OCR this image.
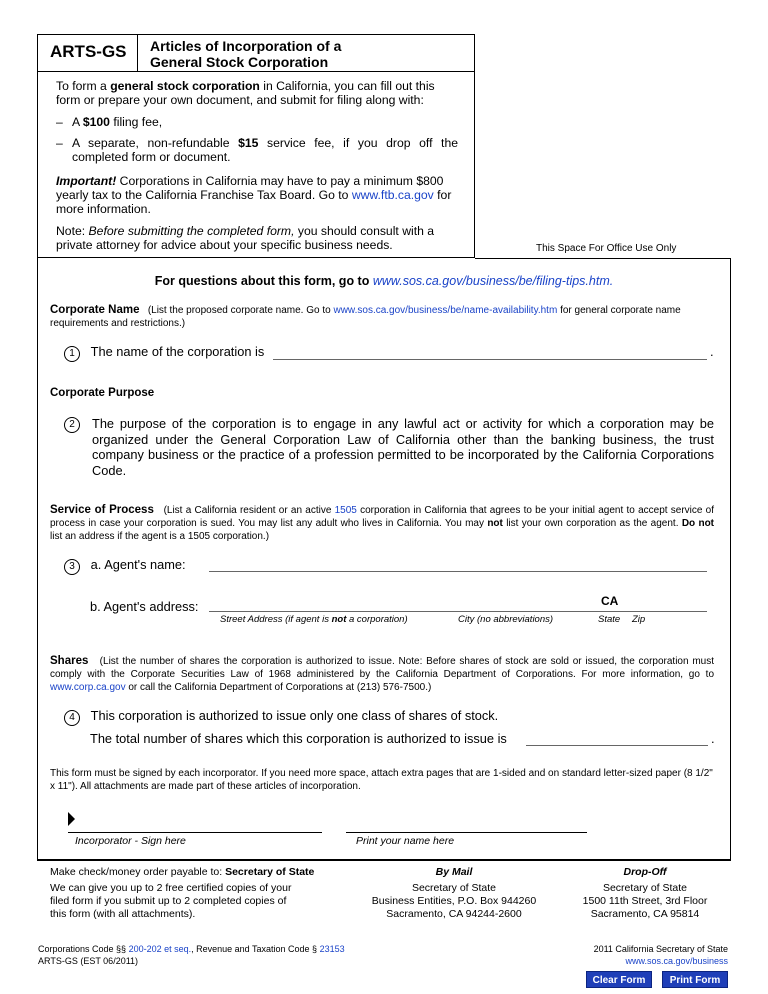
ARTS-GS Articles of Incorporation of a
General Stock Corporation

To form a general stock corporation in California, you can fill out this form or prepare your own document, and submit for filing along with:

– A $100 filing fee,
– A separate, non-refundable $15 service fee, if you drop off the completed form or document.

Important! Corporations in California may have to pay a minimum $800 yearly tax to the California Franchise Tax Board. Go to www.ftb.ca.gov for more information.

Note: Before submitting the completed form, you should consult with a private attorney for advice about your specific business needs.	This Space For Office Use Only
For questions about this form, go to www.sos.ca.gov/business/be/filing-tips.htm.
Corporate Name (List the proposed corporate name. Go to www.sos.ca.gov/business/be/name-availability.htm for general corporate name requirements and restrictions.)
1 The name of the corporation is	.
Corporate Purpose
2	The purpose of the corporation is to engage in any lawful act or activity for which a corporation may be organized under the General Corporation Law of California other than the banking business, the trust company business or the practice of a profession permitted to be incorporated by the California Corporations Code.
Service of Process (List a California resident or an active 1505 corporation in California that agrees to be your initial agent to accept service of process in case your corporation is sued. You may list any adult who lives in California. You may not list your own corporation as the agent. Do not list an address if the agent is a 1505 corporation.)
3 a. Agent's name:
b. Agent's address:	CA
Street Address (if agent is not a corporation)	City (no abbreviations)	State Zip
Shares (List the number of shares the corporation is authorized to issue. Note: Before shares of stock are sold or issued, the corporation must comply with the Corporate Securities Law of 1968 administered by the California Department of Corporations. For more information, go to www.corp.ca.gov or call the California Department of Corporations at (213) 576-7500.)
4 This corporation is authorized to issue only one class of shares of stock.
The total number of shares which this corporation is authorized to issue is	.
This form must be signed by each incorporator. If you need more space, attach extra pages that are 1-sided and on standard letter-sized paper (8 1/2" x 11"). All attachments are made part of these articles of incorporation.
Incorporator - Sign here	Print your name here
Make check/money order payable to: Secretary of State
We can give you up to 2 free certified copies of your filed form if you submit up to 2 completed copies of this form (with all attachments).
By Mail
Secretary of State
Business Entities, P.O. Box 944260
Sacramento, CA 94244-2600
Drop-Off
Secretary of State
1500 11th Street, 3rd Floor
Sacramento, CA 95814
Corporations Code §§ 200-202 et seq., Revenue and Taxation Code § 23153
ARTS-GS (EST 06/2011)
2011 California Secretary of State
www.sos.ca.gov/business
Clear Form	Print Form
